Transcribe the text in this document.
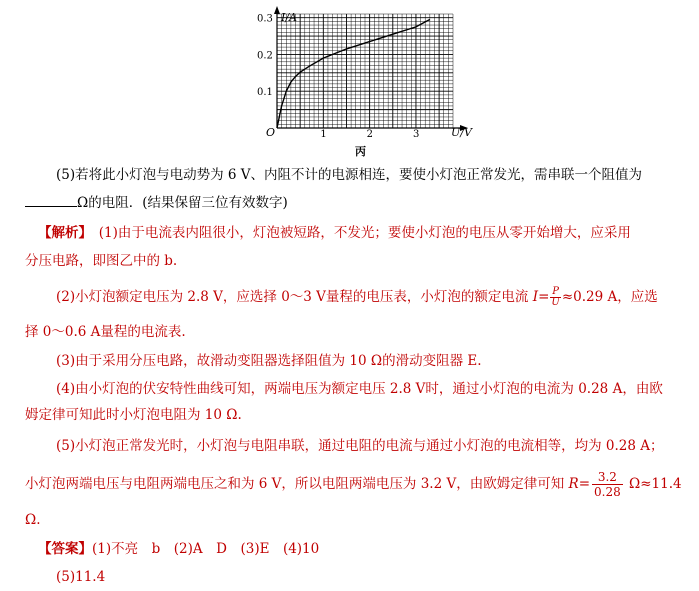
1	2	3
0.1
0.2
0.3 I/A
U/V
O
丙
(5)若将此小灯泡与电动势为 6 V、内阻不计的电源相连，要使小灯泡正常发光，需串联一个阻值为
Ω的电阻．(结果保留三位有效数字)
【解析】　 (1)由于电流表内阻很小，灯泡被短路，不发光；要使小灯泡的电压从零开始增大，应采用
分压电路，即图乙中的 b.
(2)小灯泡额定电压为 2.8 V，应选择 0～3 V量程的电压表，小灯泡的额定电流 $I= \frac{P}{U} \approx 0.29$ A，应选
择 0～0.6 A量程的电流表.
(3)由于采用分压电路，故滑动变阻器选择阻值为 10 Ω的滑动变阻器 E.
(4)由小灯泡的伏安特性曲线可知，两端电压为额定电压 2.8 V时，通过小灯泡的电流为 0.28 A，由欧
姆定律可知此时小灯泡电阻为 10 Ω.
(5)小灯泡正常发光时，小灯泡与电阻串联，通过电阻的电流与通过小灯泡的电流相等，均为 0.28 A；
小灯泡两端电压与电阻两端电压之和为 6 V，所以电阻两端电压为 3.2 V，由欧姆定律可知 $R= \frac{3.2}{0.28} \Omega\approx 11.4$
Ω.
【答案】(1)不亮　b　(2)A　D　(3)E　(4)10
(5)11.4
